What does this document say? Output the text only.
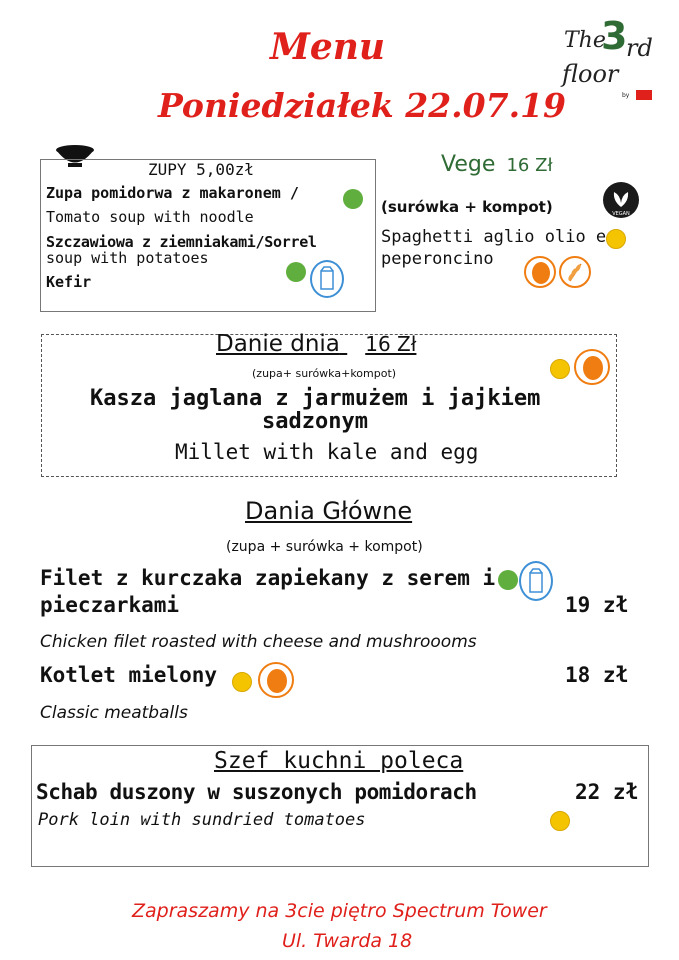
Menu
Poniedziałek 22.07.19
The
3
rd
floor
by
ZUPY 5,00zł
Zupa pomidorwa z makaronem /
Tomato soup with noodle
Szczawiowa z ziemniakami/Sorrel
soup with potatoes
Kefir
Vege 16 Zł
VEGAN
(surówka + kompot)
Spaghetti aglio olio e
peperoncino
Danie dnia 16 Zł
(zupa+ surówka+kompot)
Kasza jaglana z jarmużem i jajkiem
sadzonym
Millet with kale and egg
Dania Główne
(zupa + surówka + kompot)
Filet z kurczaka zapiekany z serem i
pieczarkami	19 zł
Chicken filet roasted with cheese and mushroooms
Kotlet mielony	18 zł
Classic meatballs
Szef kuchni poleca
Schab duszony w suszonych pomidorach	22 zł
Pork loin with sundried tomatoes
Zapraszamy na 3cie piętro Spectrum Tower
Ul. Twarda 18
